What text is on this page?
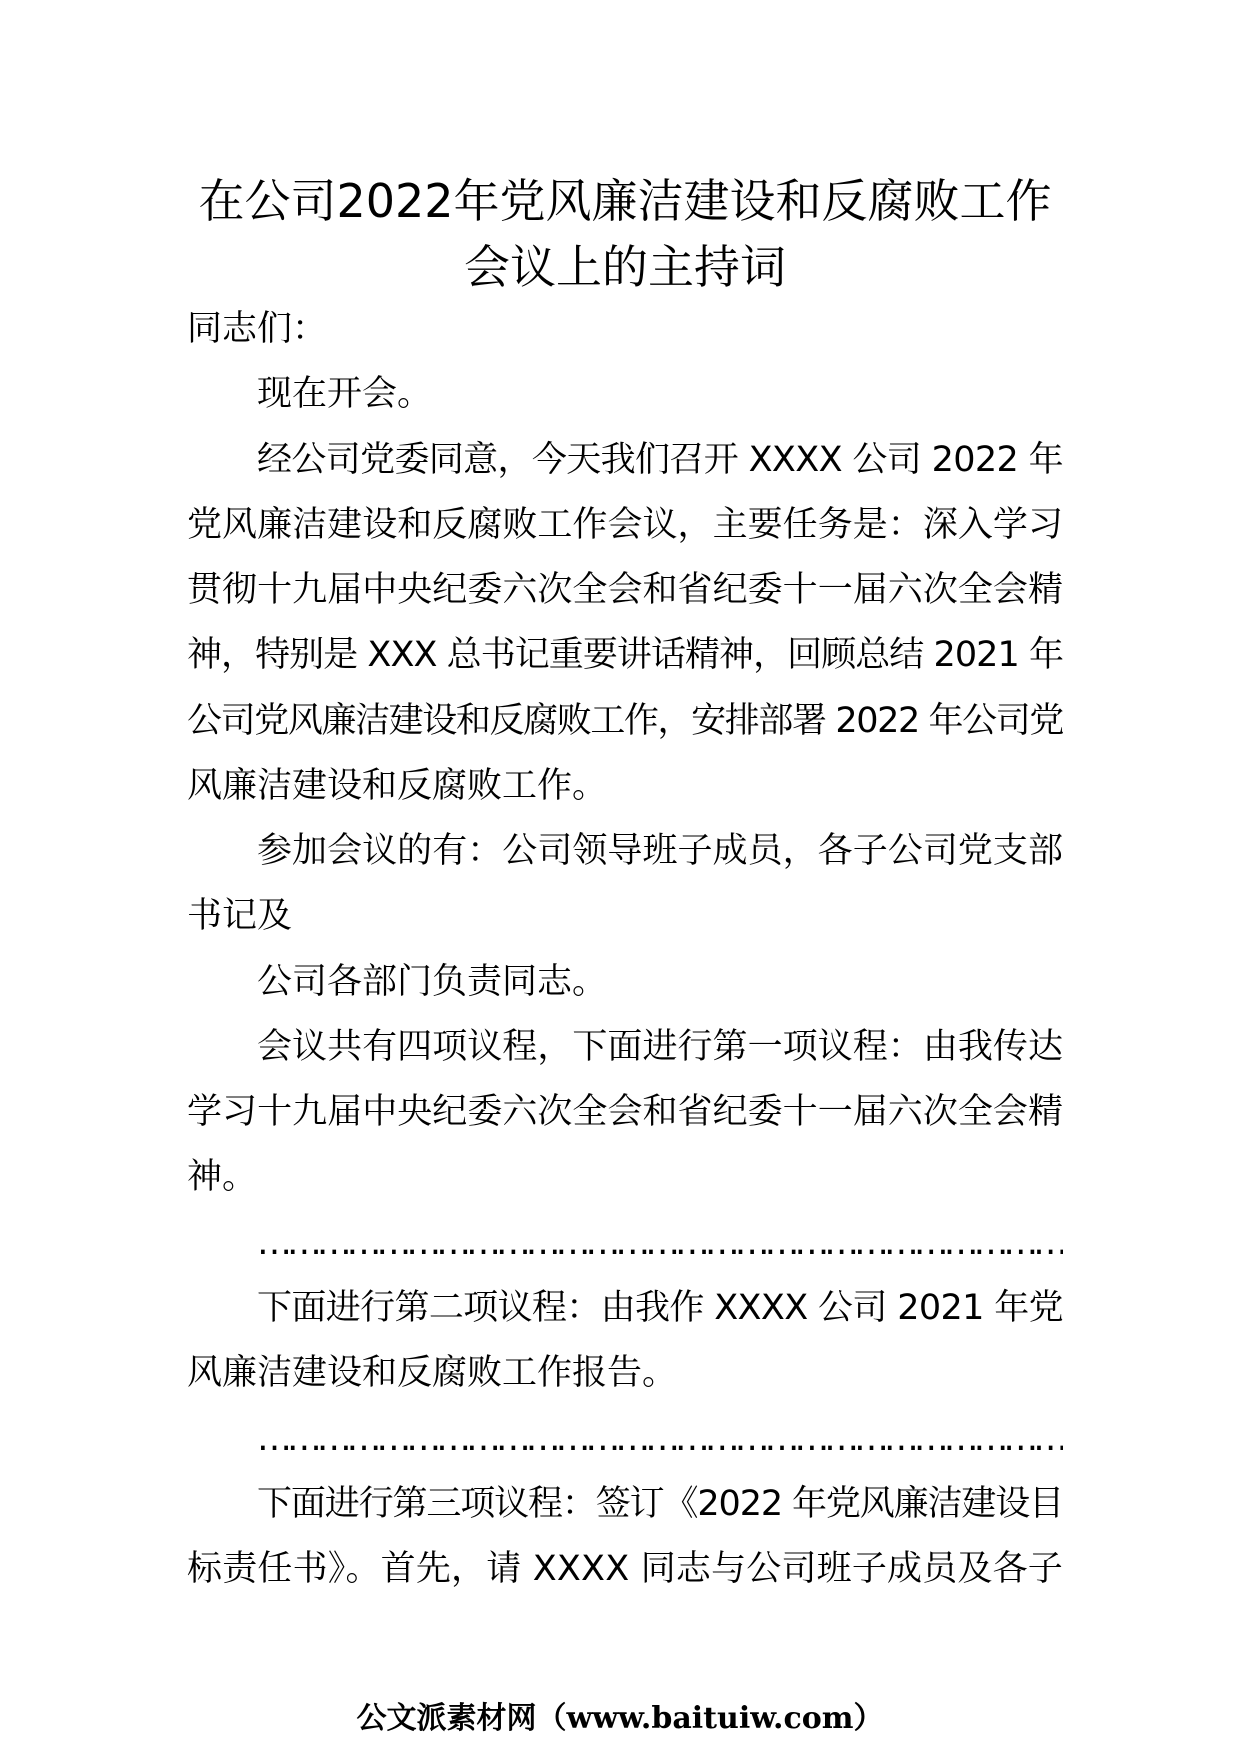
在公司2022年党风廉洁建设和反腐败工作
会议上的主持词
同志们：
现在开会。
经公司党委同意，今天我们召开 XXXX 公司 2022 年
党风廉洁建设和反腐败工作会议，主要任务是：深入学习
贯彻十九届中央纪委六次全会和省纪委十一届六次全会精
神，特别是 XXX 总书记重要讲话精神，回顾总结 2021 年
公司党风廉洁建设和反腐败工作，安排部署 2022 年公司党
风廉洁建设和反腐败工作。
参加会议的有：公司领导班子成员，各子公司党支部
书记及
公司各部门负责同志。
会议共有四项议程，下面进行第一项议程：由我传达
学习十九届中央纪委六次全会和省纪委十一届六次全会精
神。
………………………………………………………………………
下面进行第二项议程：由我作 XXXX 公司 2021 年党
风廉洁建设和反腐败工作报告。
………………………………………………………………………
下面进行第三项议程：签订《2022 年党风廉洁建设目
标责任书》。首先，请 XXXX 同志与公司班子成员及各子
公文派素材网（www.baituiw.com）
